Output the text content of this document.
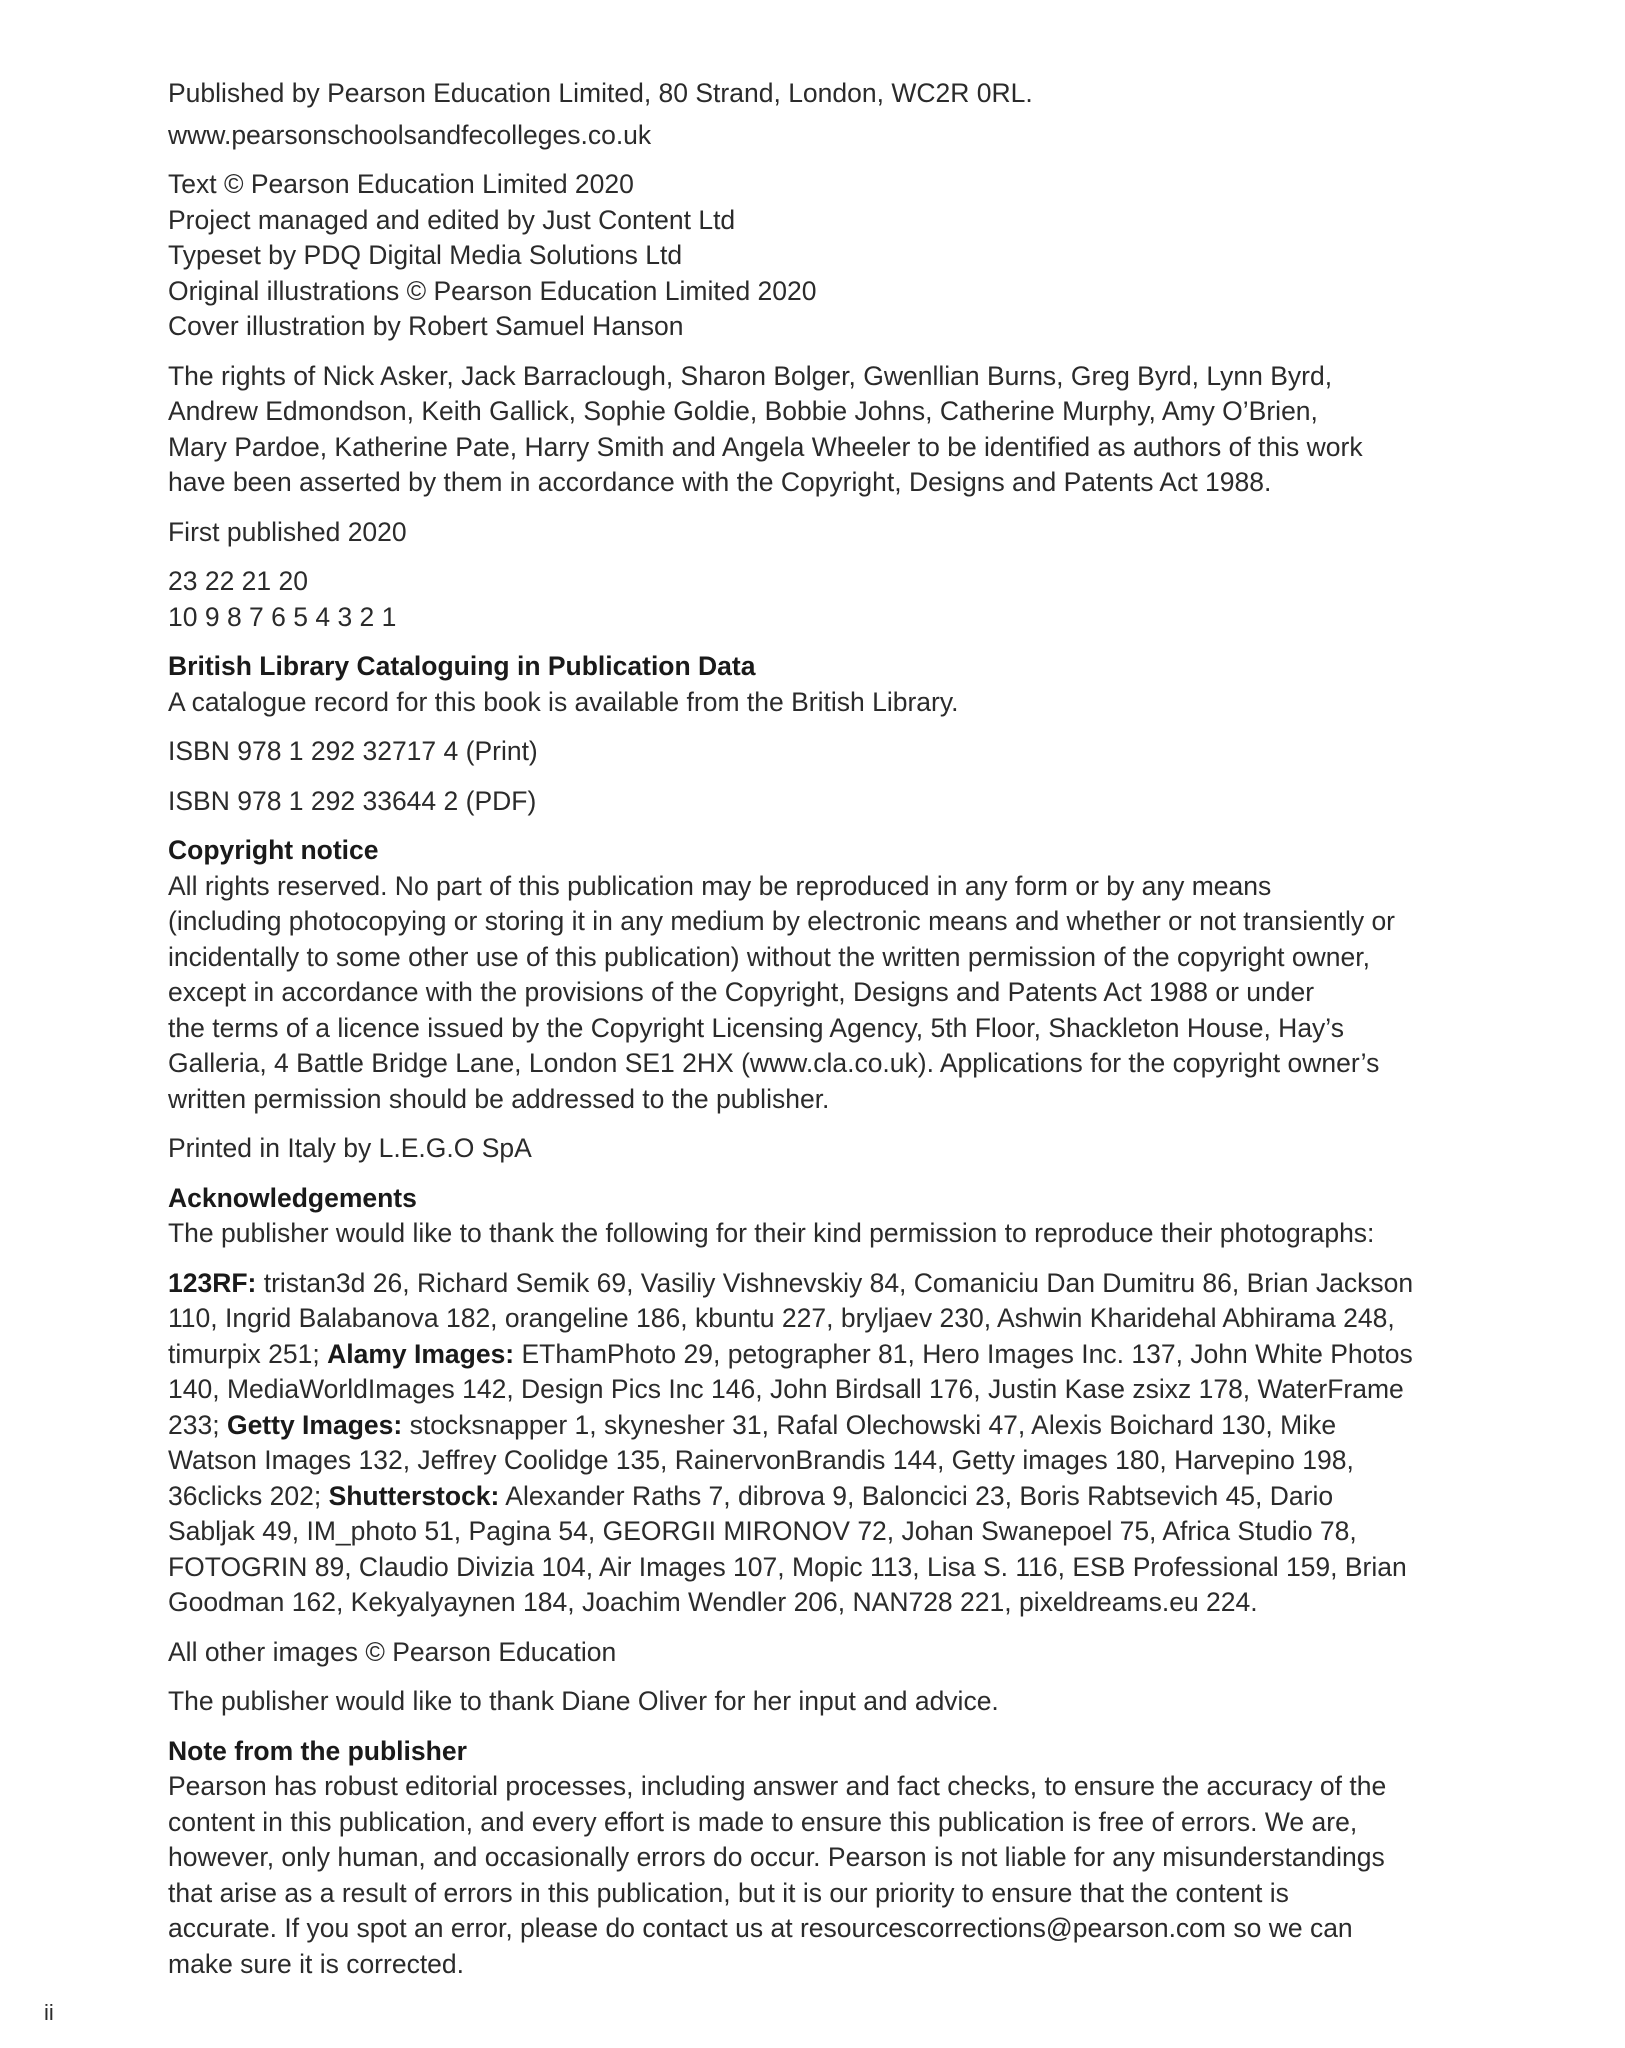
Published by Pearson Education Limited, 80 Strand, London, WC2R 0RL.

www.pearsonschoolsandfecolleges.co.uk

Text © Pearson Education Limited 2020

Project managed and edited by Just Content Ltd

Typeset by PDQ Digital Media Solutions Ltd

Original illustrations © Pearson Education Limited 2020

Cover illustration by Robert Samuel Hanson

The rights of Nick Asker, Jack Barraclough, Sharon Bolger, Gwenllian Burns, Greg Byrd, Lynn Byrd,

Andrew Edmondson, Keith Gallick, Sophie Goldie, Bobbie Johns, Catherine Murphy, Amy O’Brien,

Mary Pardoe, Katherine Pate, Harry Smith and Angela Wheeler to be identified as authors of this work

have been asserted by them in accordance with the Copyright, Designs and Patents Act 1988.

First published 2020

23 22 21 20

10 9 8 7 6 5 4 3 2 1

British Library Cataloguing in Publication Data

A catalogue record for this book is available from the British Library.

ISBN 978 1 292 32717 4 (Print)

ISBN 978 1 292 33644 2 (PDF)

Copyright notice

All rights reserved. No part of this publication may be reproduced in any form or by any means

(including photocopying or storing it in any medium by electronic means and whether or not transiently or

incidentally to some other use of this publication) without the written permission of the copyright owner,

except in accordance with the provisions of the Copyright, Designs and Patents Act 1988 or under

the terms of a licence issued by the Copyright Licensing Agency, 5th Floor, Shackleton House, Hay’s

Galleria, 4 Battle Bridge Lane, London SE1 2HX (www.cla.co.uk). Applications for the copyright owner’s

written permission should be addressed to the publisher.

Printed in Italy by L.E.G.O SpA

Acknowledgements

The publisher would like to thank the following for their kind permission to reproduce their photographs:

123RF: tristan3d 26, Richard Semik 69, Vasiliy Vishnevskiy 84, Comaniciu Dan Dumitru 86, Brian Jackson

110, Ingrid Balabanova 182, orangeline 186, kbuntu 227, bryljaev 230, Ashwin Kharidehal Abhirama 248,

timurpix 251; Alamy Images: EThamPhoto 29, petographer 81, Hero Images Inc. 137, John White Photos

140, MediaWorldImages 142, Design Pics Inc 146, John Birdsall 176, Justin Kase zsixz 178, WaterFrame

233; Getty Images: stocksnapper 1, skynesher 31, Rafal Olechowski 47, Alexis Boichard 130, Mike

Watson Images 132, Jeffrey Coolidge 135, RainervonBrandis 144, Getty images 180, Harvepino 198,

36clicks 202; Shutterstock: Alexander Raths 7, dibrova 9, Baloncici 23, Boris Rabtsevich 45, Dario

Sabljak 49, IM_photo 51, Pagina 54, GEORGII MIRONOV 72, Johan Swanepoel 75, Africa Studio 78,

FOTOGRIN 89, Claudio Divizia 104, Air Images 107, Mopic 113, Lisa S. 116, ESB Professional 159, Brian

Goodman 162, Kekyalyaynen 184, Joachim Wendler 206, NAN728 221, pixeldreams.eu 224.

All other images © Pearson Education

The publisher would like to thank Diane Oliver for her input and advice.

Note from the publisher

Pearson has robust editorial processes, including answer and fact checks, to ensure the accuracy of the

content in this publication, and every effort is made to ensure this publication is free of errors. We are,

however, only human, and occasionally errors do occur. Pearson is not liable for any misunderstandings

that arise as a result of errors in this publication, but it is our priority to ensure that the content is

accurate. If you spot an error, please do contact us at resourcescorrections@pearson.com so we can

make sure it is corrected.

ii
